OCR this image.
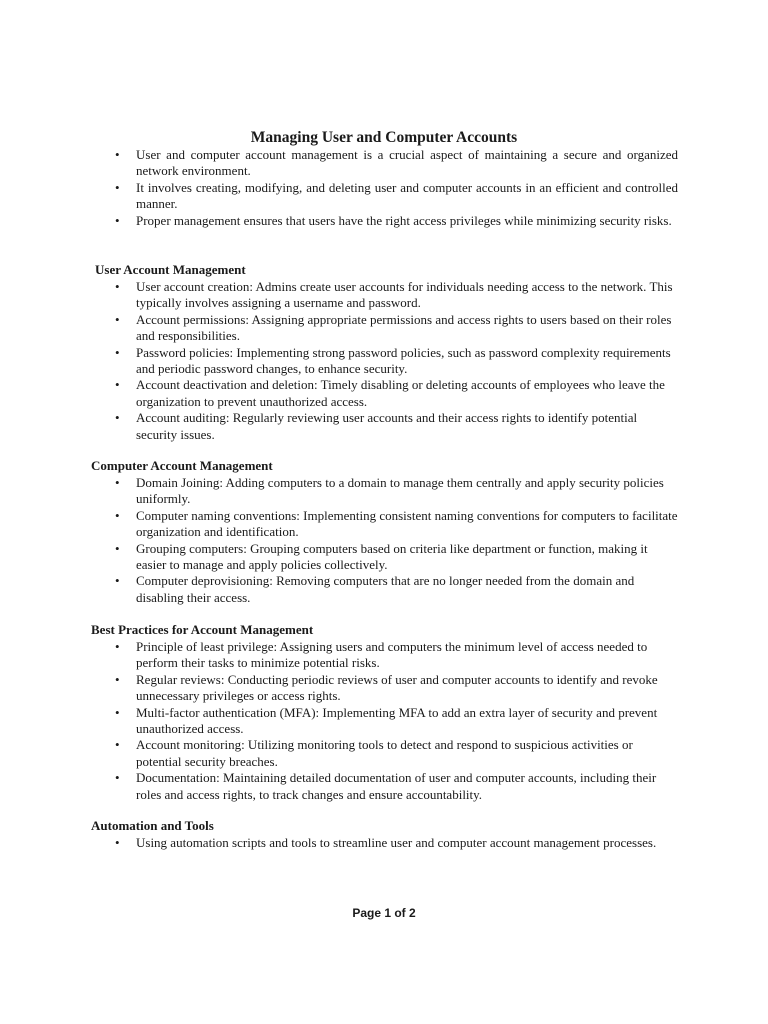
Managing User and Computer Accounts
• User and computer account management is a crucial aspect of maintaining a secure and organized network environment.
• It involves creating, modifying, and deleting user and computer accounts in an efficient and controlled manner.
• Proper management ensures that users have the right access privileges while minimizing security risks.
User Account Management
• User account creation: Admins create user accounts for individuals needing access to the network. This typically involves assigning a username and password.
• Account permissions: Assigning appropriate permissions and access rights to users based on their roles and responsibilities.
• Password policies: Implementing strong password policies, such as password complexity requirements and periodic password changes, to enhance security.
• Account deactivation and deletion: Timely disabling or deleting accounts of employees who leave the organization to prevent unauthorized access.
• Account auditing: Regularly reviewing user accounts and their access rights to identify potential security issues.
Computer Account Management
• Domain Joining: Adding computers to a domain to manage them centrally and apply security policies uniformly.
• Computer naming conventions: Implementing consistent naming conventions for computers to facilitate organization and identification.
• Grouping computers: Grouping computers based on criteria like department or function, making it easier to manage and apply policies collectively.
• Computer deprovisioning: Removing computers that are no longer needed from the domain and disabling their access.
Best Practices for Account Management
• Principle of least privilege: Assigning users and computers the minimum level of access needed to perform their tasks to minimize potential risks.
• Regular reviews: Conducting periodic reviews of user and computer accounts to identify and revoke unnecessary privileges or access rights.
• Multi-factor authentication (MFA): Implementing MFA to add an extra layer of security and prevent unauthorized access.
• Account monitoring: Utilizing monitoring tools to detect and respond to suspicious activities or potential security breaches.
• Documentation: Maintaining detailed documentation of user and computer accounts, including their roles and access rights, to track changes and ensure accountability.
Automation and Tools
• Using automation scripts and tools to streamline user and computer account management processes.
Page 1 of 2
